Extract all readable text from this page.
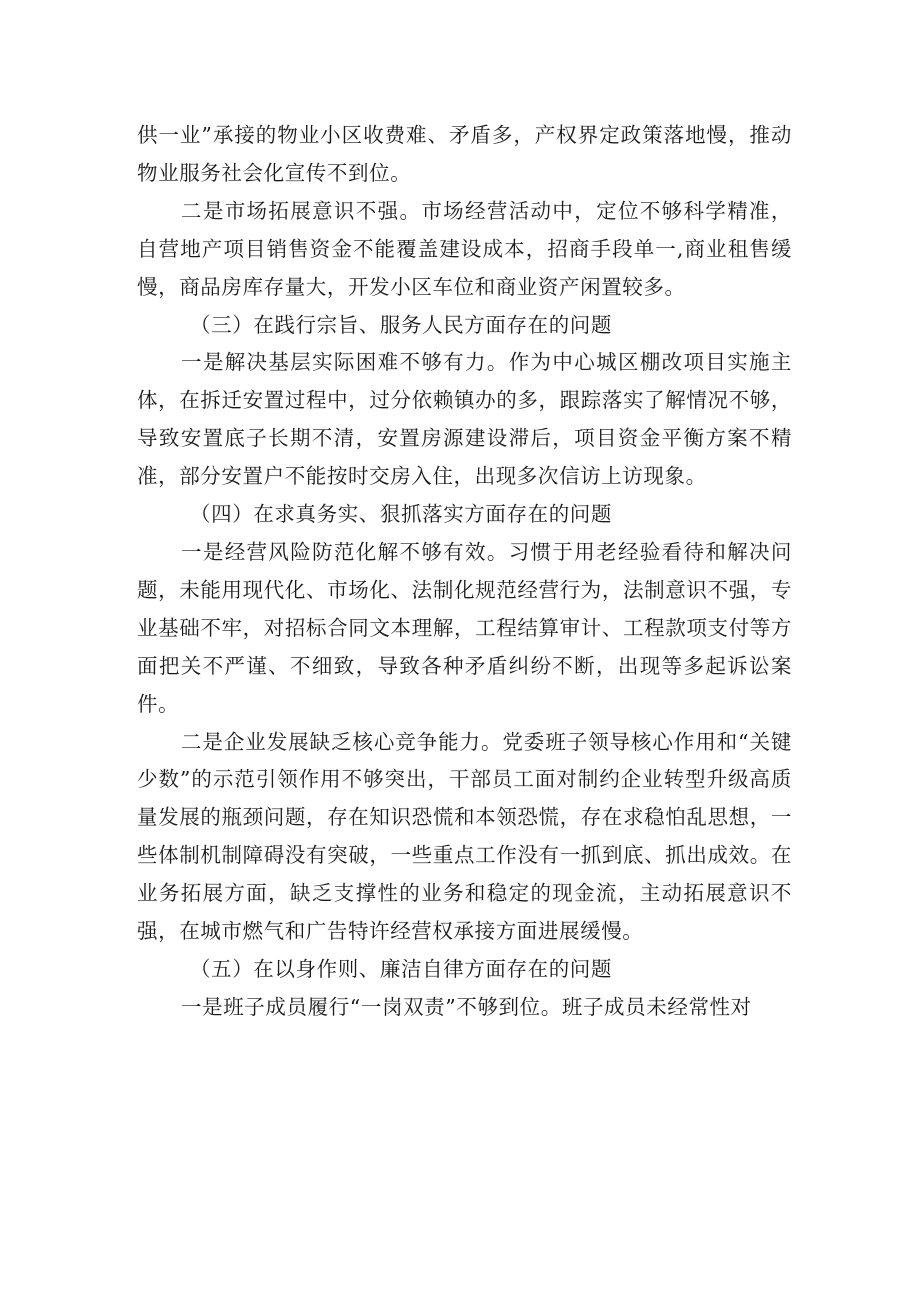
供一业”承接的物业小区收费难、矛盾多，产权界定政策落地慢，推动物业服务社会化宣传不到位。

二是市场拓展意识不强。市场经营活动中，定位不够科学精准，自营地产项目销售资金不能覆盖建设成本，招商手段单一,商业租售缓慢，商品房库存量大，开发小区车位和商业资产闲置较多。

（三）在践行宗旨、服务人民方面存在的问题

一是解决基层实际困难不够有力。作为中心城区棚改项目实施主体，在拆迁安置过程中，过分依赖镇办的多，跟踪落实了解情况不够，导致安置底子长期不清，安置房源建设滞后，项目资金平衡方案不精准，部分安置户不能按时交房入住，出现多次信访上访现象。

（四）在求真务实、狠抓落实方面存在的问题

一是经营风险防范化解不够有效。习惯于用老经验看待和解决问题，未能用现代化、市场化、法制化规范经营行为，法制意识不强，专业基础不牢，对招标合同文本理解，工程结算审计、工程款项支付等方面把关不严谨、不细致，导致各种矛盾纠纷不断，出现等多起诉讼案件。

二是企业发展缺乏核心竞争能力。党委班子领导核心作用和“关键少数”的示范引领作用不够突出，干部员工面对制约企业转型升级高质量发展的瓶颈问题，存在知识恐慌和本领恐慌，存在求稳怕乱思想，一些体制机制障碍没有突破，一些重点工作没有一抓到底、抓出成效。在业务拓展方面，缺乏支撑性的业务和稳定的现金流，主动拓展意识不强，在城市燃气和广告特许经营权承接方面进展缓慢。

（五）在以身作则、廉洁自律方面存在的问题

一是班子成员履行“一岗双责”不够到位。班子成员未经常性对
